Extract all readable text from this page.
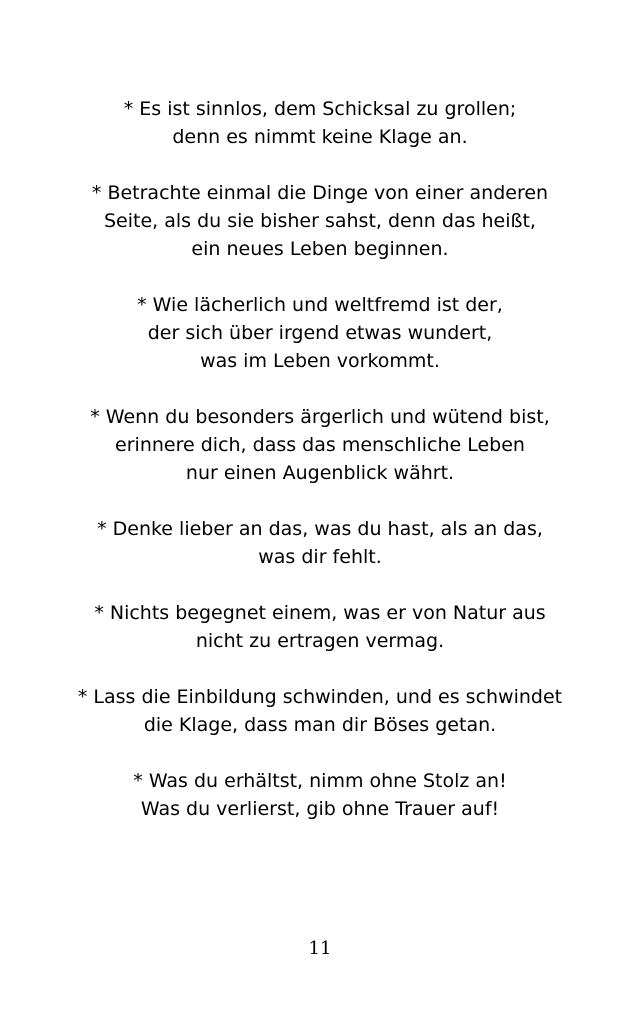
* Es ist sinnlos, dem Schicksal zu grollen;
denn es nimmt keine Klage an.
* Betrachte einmal die Dinge von einer anderen
Seite, als du sie bisher sahst, denn das heißt,
ein neues Leben beginnen.
* Wie lächerlich und weltfremd ist der,
der sich über irgend etwas wundert,
was im Leben vorkommt.
* Wenn du besonders ärgerlich und wütend bist,
erinnere dich, dass das menschliche Leben
nur einen Augenblick währt.
* Denke lieber an das, was du hast, als an das,
was dir fehlt.
* Nichts begegnet einem, was er von Natur aus
nicht zu ertragen vermag.
* Lass die Einbildung schwinden, und es schwindet
die Klage, dass man dir Böses getan.
* Was du erhältst, nimm ohne Stolz an!
Was du verlierst, gib ohne Trauer auf!
11
